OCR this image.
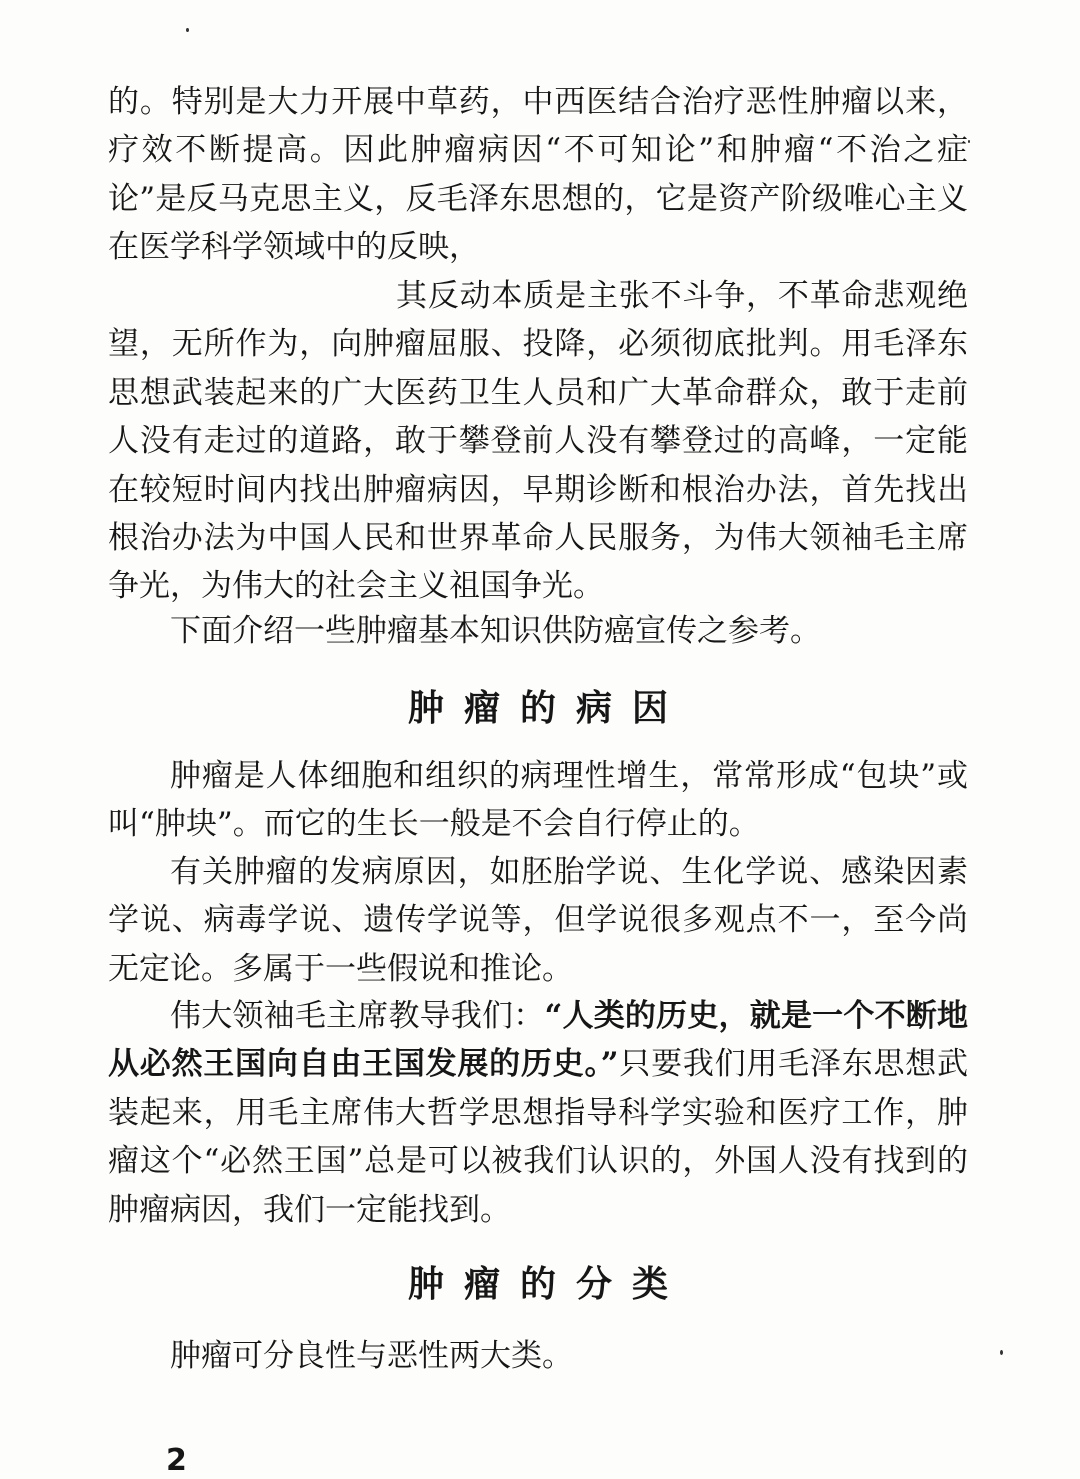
的。特别是大力开展中草药，中西医结合治疗恶性肿瘤以来，疗效不断提高。因此肿瘤病因“不可知论”和肿瘤“不治之症论”是反马克思主义，反毛泽东思想的，它是资产阶级唯心主义在医学科学领域中的反映，
其反动本质是主张不斗争，不革命悲观绝望，无所作为，向肿瘤屈服、投降，必须彻底批判。用毛泽东思想武装起来的广大医药卫生人员和广大革命群众，敢于走前人没有走过的道路，敢于攀登前人没有攀登过的高峰，一定能在较短时间内找出肿瘤病因，早期诊断和根治办法，首先找出根治办法为中国人民和世界革命人民服务，为伟大领袖毛主席争光，为伟大的社会主义祖国争光。
下面介绍一些肿瘤基本知识供防癌宣传之参考。
肿瘤的病因
肿瘤是人体细胞和组织的病理性增生，常常形成“包块”或叫“肿块”。而它的生长一般是不会自行停止的。
有关肿瘤的发病原因，如胚胎学说、生化学说、感染因素学说、病毒学说、遗传学说等，但学说很多观点不一，至今尚无定论。多属于一些假说和推论。
伟大领袖毛主席教导我们：“人类的历史，就是一个不断地从必然王国向自由王国发展的历史。”只要我们用毛泽东思想武装起来，用毛主席伟大哲学思想指导科学实验和医疗工作，肿瘤这个“必然王国”总是可以被我们认识的，外国人没有找到的肿瘤病因，我们一定能找到。
肿瘤的分类
肿瘤可分良性与恶性两大类。
2
